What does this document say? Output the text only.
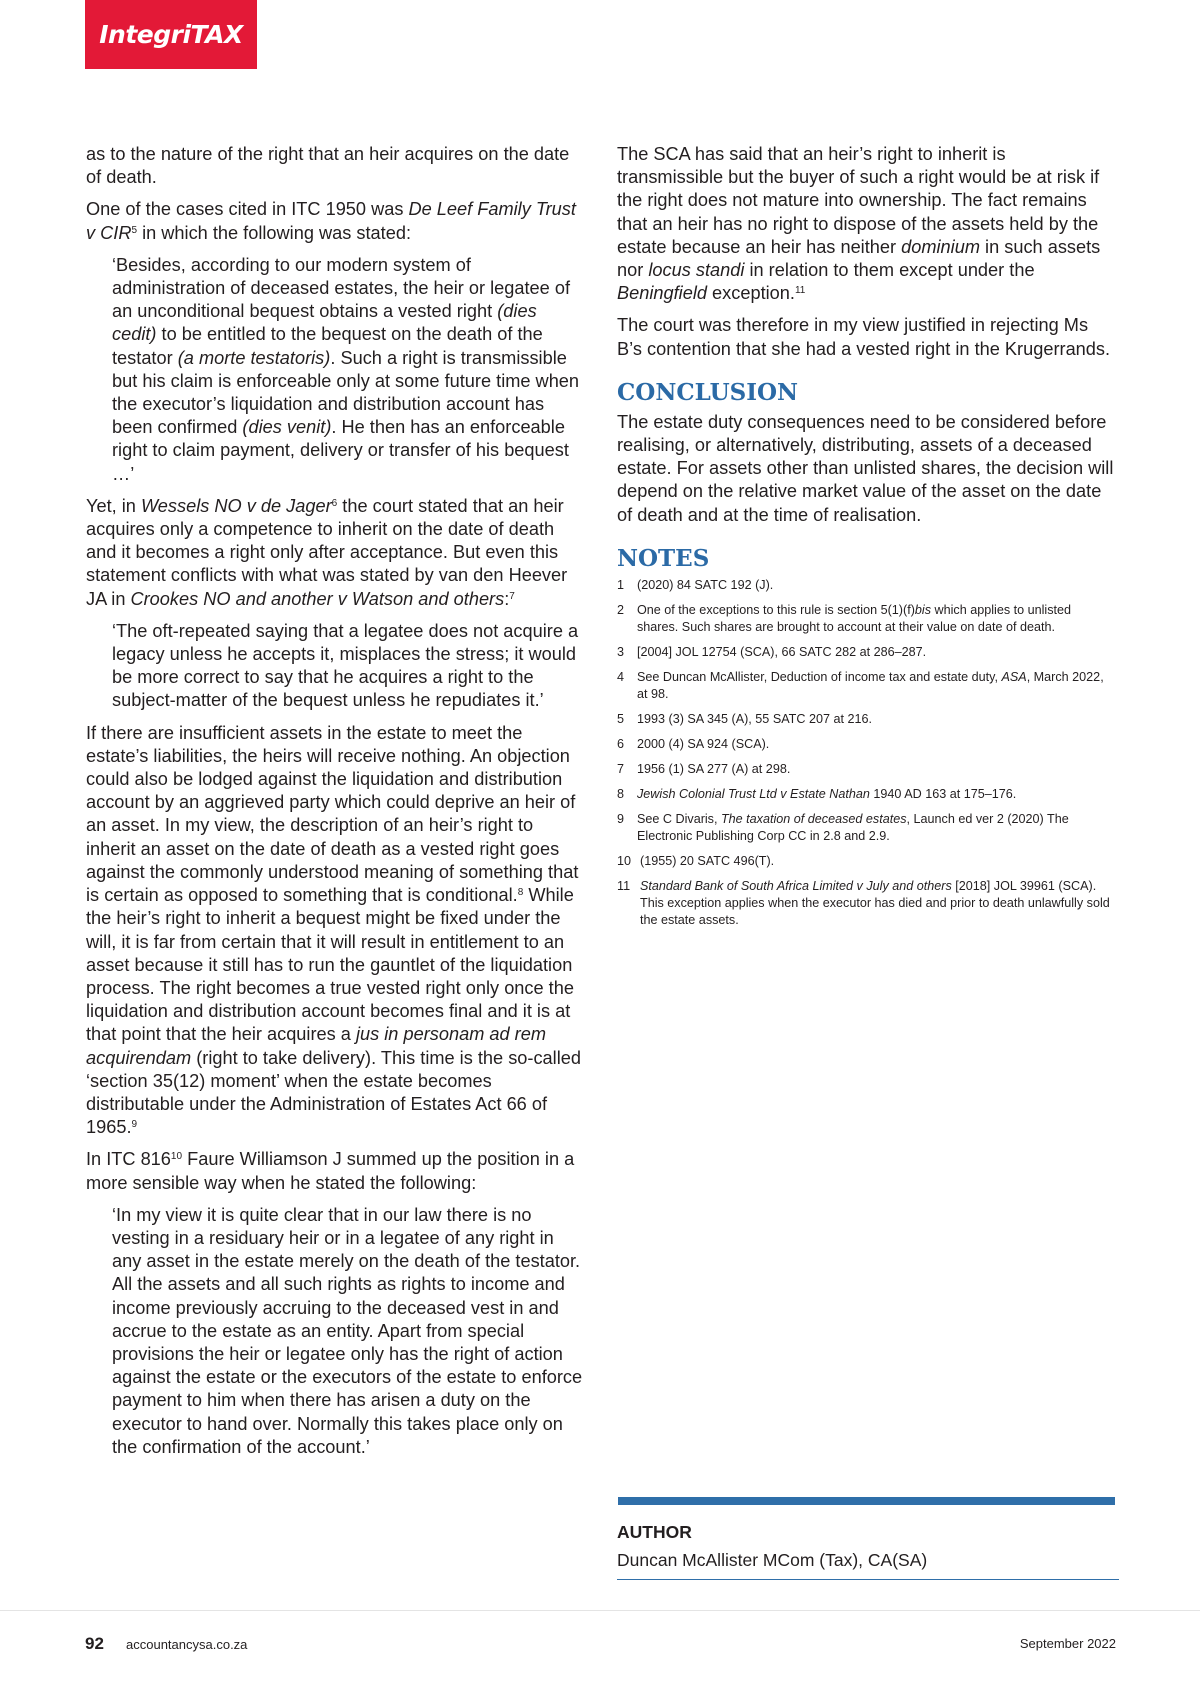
IntegriTAX

as to the nature of the right that an heir acquires on the date of death.

One of the cases cited in ITC 1950 was De Leef Family Trust v CIR$^5$ in which the following was stated:

‘Besides, according to our modern system of administration of deceased estates, the heir or legatee of an unconditional bequest obtains a vested right (dies cedit) to be entitled to the bequest on the death of the testator (a morte testatoris). Such a right is transmissible but his claim is enforceable only at some future time when the executor’s liquidation and distribution account has been confirmed (dies venit). He then has an enforceable right to claim payment, delivery or transfer of his bequest …’

Yet, in Wessels NO v de Jager$^6$ the court stated that an heir acquires only a competence to inherit on the date of death and it becomes a right only after acceptance. But even this statement conflicts with what was stated by van den Heever JA in Crookes NO and another v Watson and others:$^7$

‘The oft-repeated saying that a legatee does not acquire a legacy unless he accepts it, misplaces the stress; it would be more correct to say that he acquires a right to the subject-matter of the bequest unless he repudiates it.’

If there are insufficient assets in the estate to meet the estate’s liabilities, the heirs will receive nothing. An objection could also be lodged against the liquidation and distribution account by an aggrieved party which could deprive an heir of an asset. In my view, the description of an heir’s right to inherit an asset on the date of death as a vested right goes against the commonly understood meaning of something that is certain as opposed to something that is conditional.$^8$ While the heir’s right to inherit a bequest might be fixed under the will, it is far from certain that it will result in entitlement to an asset because it still has to run the gauntlet of the liquidation process. The right becomes a true vested right only once the liquidation and distribution account becomes final and it is at that point that the heir acquires a jus in personam ad rem acquirendam (right to take delivery). This time is the so-called ‘section 35(12) moment’ when the estate becomes distributable under the Administration of Estates Act 66 of 1965.$^9$

In ITC $816^{10}$ Faure Williamson J summed up the position in a more sensible way when he stated the following:

‘In my view it is quite clear that in our law there is no vesting in a residuary heir or in a legatee of any right in any asset in the estate merely on the death of the testator. All the assets and all such rights as rights to income and income previously accruing to the deceased vest in and accrue to the estate as an entity. Apart from special provisions the heir or legatee only has the right of action against the estate or the executors of the estate to enforce payment to him when there has arisen a duty on the executor to hand over. Normally this takes place only on the confirmation of the account.’

The SCA has said that an heir’s right to inherit is transmissible but the buyer of such a right would be at risk if the right does not mature into ownership. The fact remains that an heir has no right to dispose of the assets held by the estate because an heir has neither dominium in such assets nor locus standi in relation to them except under the Beningfield exception.$^{11}$

The court was therefore in my view justified in rejecting Ms B’s contention that she had a vested right in the Krugerrands.

CONCLUSION

The estate duty consequences need to be considered before realising, or alternatively, distributing, assets of a deceased estate. For assets other than unlisted shares, the decision will depend on the relative market value of the asset on the date of death and at the time of realisation.

NOTES
1	(2020) 84 SATC 192 (J).
2	One of the exceptions to this rule is section 5(1)(f)bis which applies to unlisted shares. Such shares are brought to account at their value on date of death.
3	[2004] JOL 12754 (SCA), 66 SATC 282 at 286–287.
4	See Duncan McAllister, Deduction of income tax and estate duty, ASA, March 2022, at 98.
5	1993 (3) SA 345 (A), 55 SATC 207 at 216.
6	2000 (4) SA 924 (SCA).
7	1956 (1) SA 277 (A) at 298.
8	Jewish Colonial Trust Ltd v Estate Nathan 1940 AD 163 at 175–176.
9	See C Divaris, The taxation of deceased estates, Launch ed ver 2 (2020) The Electronic Publishing Corp CC in 2.8 and 2.9.
10 (1955) 20 SATC 496(T).
11 Standard Bank of South Africa Limited v July and others [2018] JOL 39961 (SCA). This exception applies when the executor has died and prior to death unlawfully sold the estate assets.
AUTHOR
Duncan McAllister MCom (Tax), CA(SA)
92 accountancysa.co.za	September 2022
